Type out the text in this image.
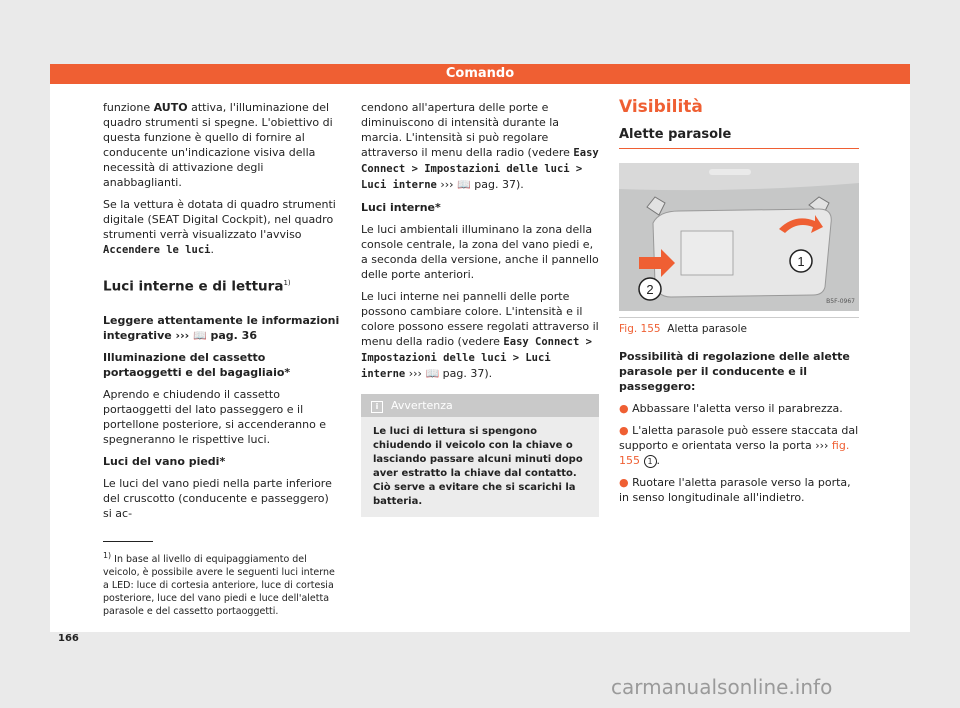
Comando

funzione AUTO attiva, l'illuminazione del quadro strumenti si spegne. L'obiettivo di questa funzione è quello di fornire al conducente un'indicazione visiva della necessità di attivazione degli anabbaglianti.

Se la vettura è dotata di quadro strumenti digitale (SEAT Digital Cockpit), nel quadro strumenti verrà visualizzato l'avviso Accendere le luci.

Luci interne e di lettura$^{1)}$

Leggere attentamente le informazioni integrative ››› 📖 pag. 36

Illuminazione del cassetto portaoggetti e del bagagliaio*

Aprendo e chiudendo il cassetto portaoggetti del lato passeggero e il portellone posteriore, si accenderanno e spegneranno le rispettive luci.

Luci del vano piedi*

Le luci del vano piedi nella parte inferiore del cruscotto (conducente e passeggero) si ac-

cendono all'apertura delle porte e diminuiscono di intensità durante la marcia. L'intensità si può regolare attraverso il menu della radio (vedere Easy Connect > Impostazioni delle luci > Luci interne ››› 📖 pag. 37).

Luci interne*

Le luci ambientali illuminano la zona della console centrale, la zona del vano piedi e, a seconda della versione, anche il pannello delle porte anteriori.

Le luci interne nei pannelli delle porte possono cambiare colore. L'intensità e il colore possono essere regolati attraverso il menu della radio (vedere Easy Connect > Impostazioni delle luci > Luci interne ››› 📖 pag. 37).

i Avvertenza
Le luci di lettura si spengono chiudendo il veicolo con la chiave o lasciando passare alcuni minuti dopo aver estratto la chiave dal contatto. Ciò serve a evitare che si scarichi la batteria.
Visibilità
Alette parasole
1
2
B5F-0967
Fig. 155 Aletta parasole

Possibilità di regolazione delle alette parasole per il conducente e il passeggero:

● Abbassare l'aletta verso il parabrezza.

● L'aletta parasole può essere staccata dal supporto e orientata verso la porta ››› fig. 155 1 .

● Ruotare l'aletta parasole verso la porta, in senso longitudinale all'indietro.

$^{1)}$ In base al livello di equipaggiamento del veicolo, è possibile avere le seguenti luci interne a LED: luce di cortesia anteriore, luce di cortesia posteriore, luce del vano piedi e luce dell'aletta parasole e del cassetto portaoggetti.
166
carmanualsonline.info
